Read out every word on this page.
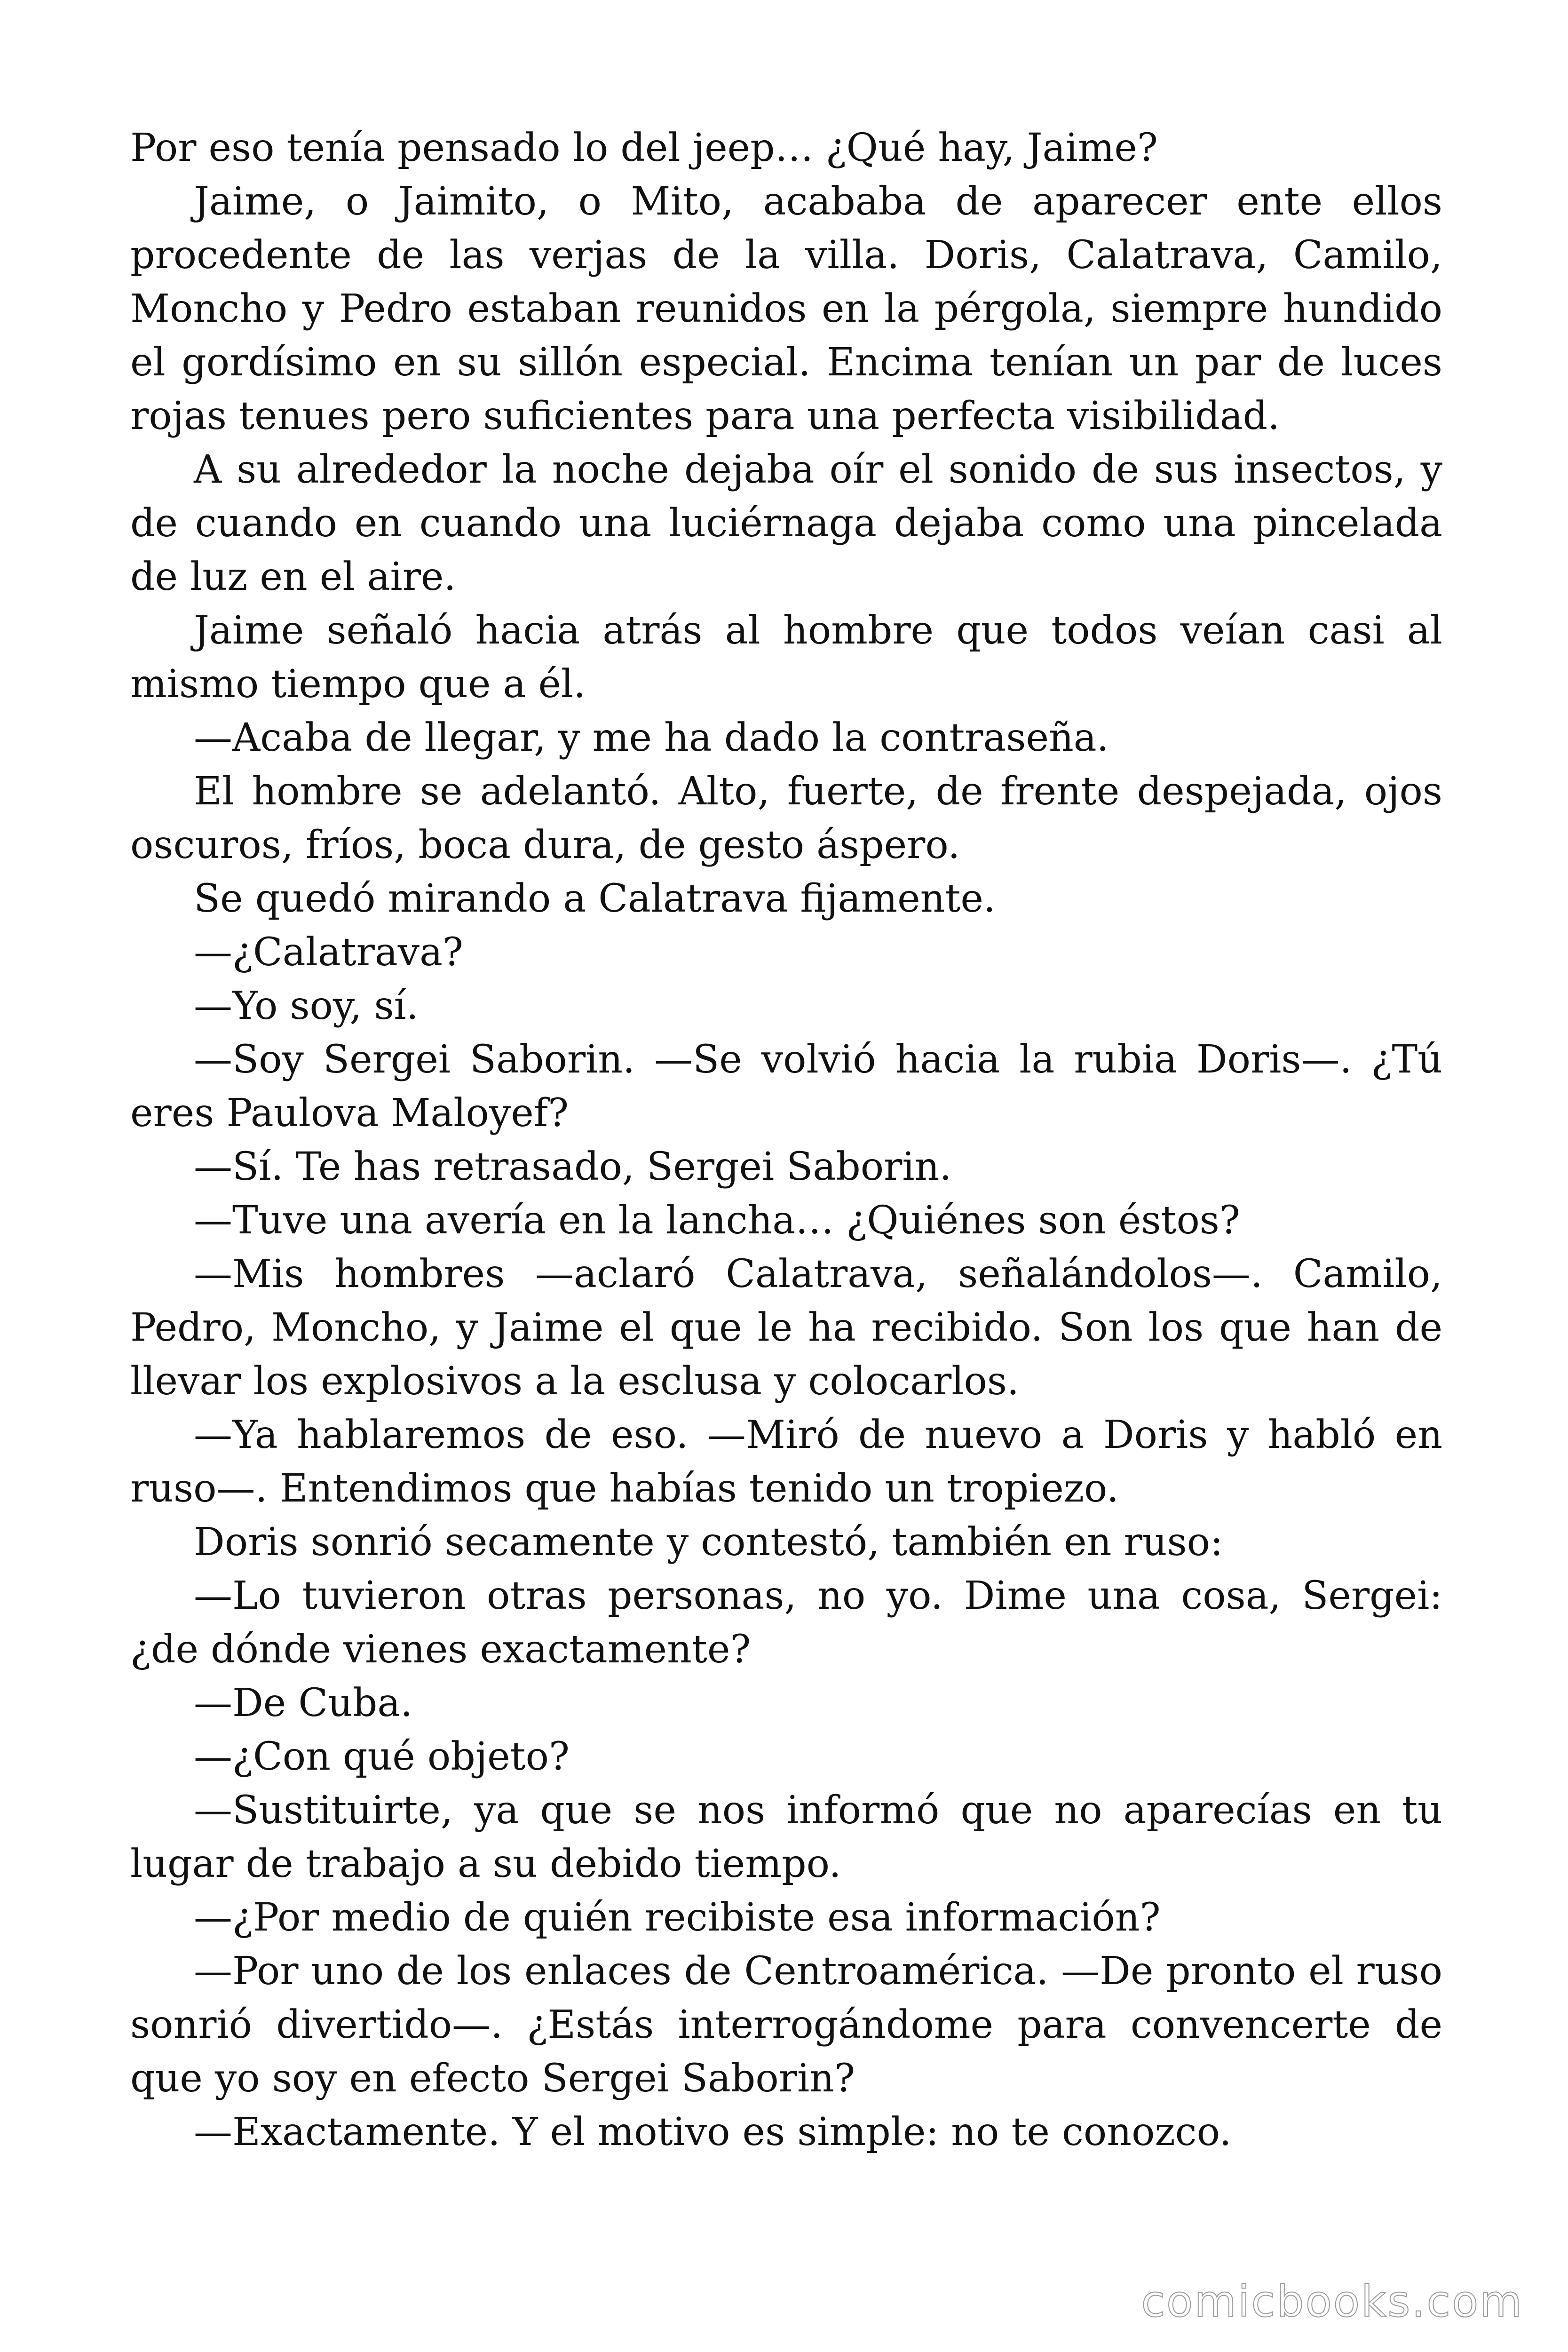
Por eso tenía pensado lo del jeep… ¿Qué hay, Jaime?

Jaime, o Jaimito, o Mito, acababa de aparecer ente ellos procedente de las verjas de la villa. Doris, Calatrava, Camilo, Moncho y Pedro estaban reunidos en la pérgola, siempre hundido el gordísimo en su sillón especial. Encima tenían un par de luces rojas tenues pero suficientes para una perfecta visibilidad.

A su alrededor la noche dejaba oír el sonido de sus insectos, y de cuando en cuando una luciérnaga dejaba como una pincelada de luz en el aire.

Jaime señaló hacia atrás al hombre que todos veían casi al mismo tiempo que a él.

—Acaba de llegar, y me ha dado la contraseña.

El hombre se adelantó. Alto, fuerte, de frente despejada, ojos oscuros, fríos, boca dura, de gesto áspero.

Se quedó mirando a Calatrava fijamente.

—¿Calatrava?

—Yo soy, sí.

—Soy Sergei Saborin. —Se volvió hacia la rubia Doris—. ¿Tú eres Paulova Maloyef?

—Sí. Te has retrasado, Sergei Saborin.

—Tuve una avería en la lancha… ¿Quiénes son éstos?

—Mis hombres —aclaró Calatrava, señalándolos—. Camilo, Pedro, Moncho, y Jaime el que le ha recibido. Son los que han de llevar los explosivos a la esclusa y colocarlos.

—Ya hablaremos de eso. —Miró de nuevo a Doris y habló en ruso—. Entendimos que habías tenido un tropiezo.

Doris sonrió secamente y contestó, también en ruso:

—Lo tuvieron otras personas, no yo. Dime una cosa, Sergei: ¿de dónde vienes exactamente?

—De Cuba.

—¿Con qué objeto?

—Sustituirte, ya que se nos informó que no aparecías en tu lugar de trabajo a su debido tiempo.

—¿Por medio de quién recibiste esa información?

—Por uno de los enlaces de Centroamérica. —De pronto el ruso sonrió divertido—. ¿Estás interrogándome para convencerte de que yo soy en efecto Sergei Saborin?

—Exactamente. Y el motivo es simple: no te conozco.

comicbooks.com
